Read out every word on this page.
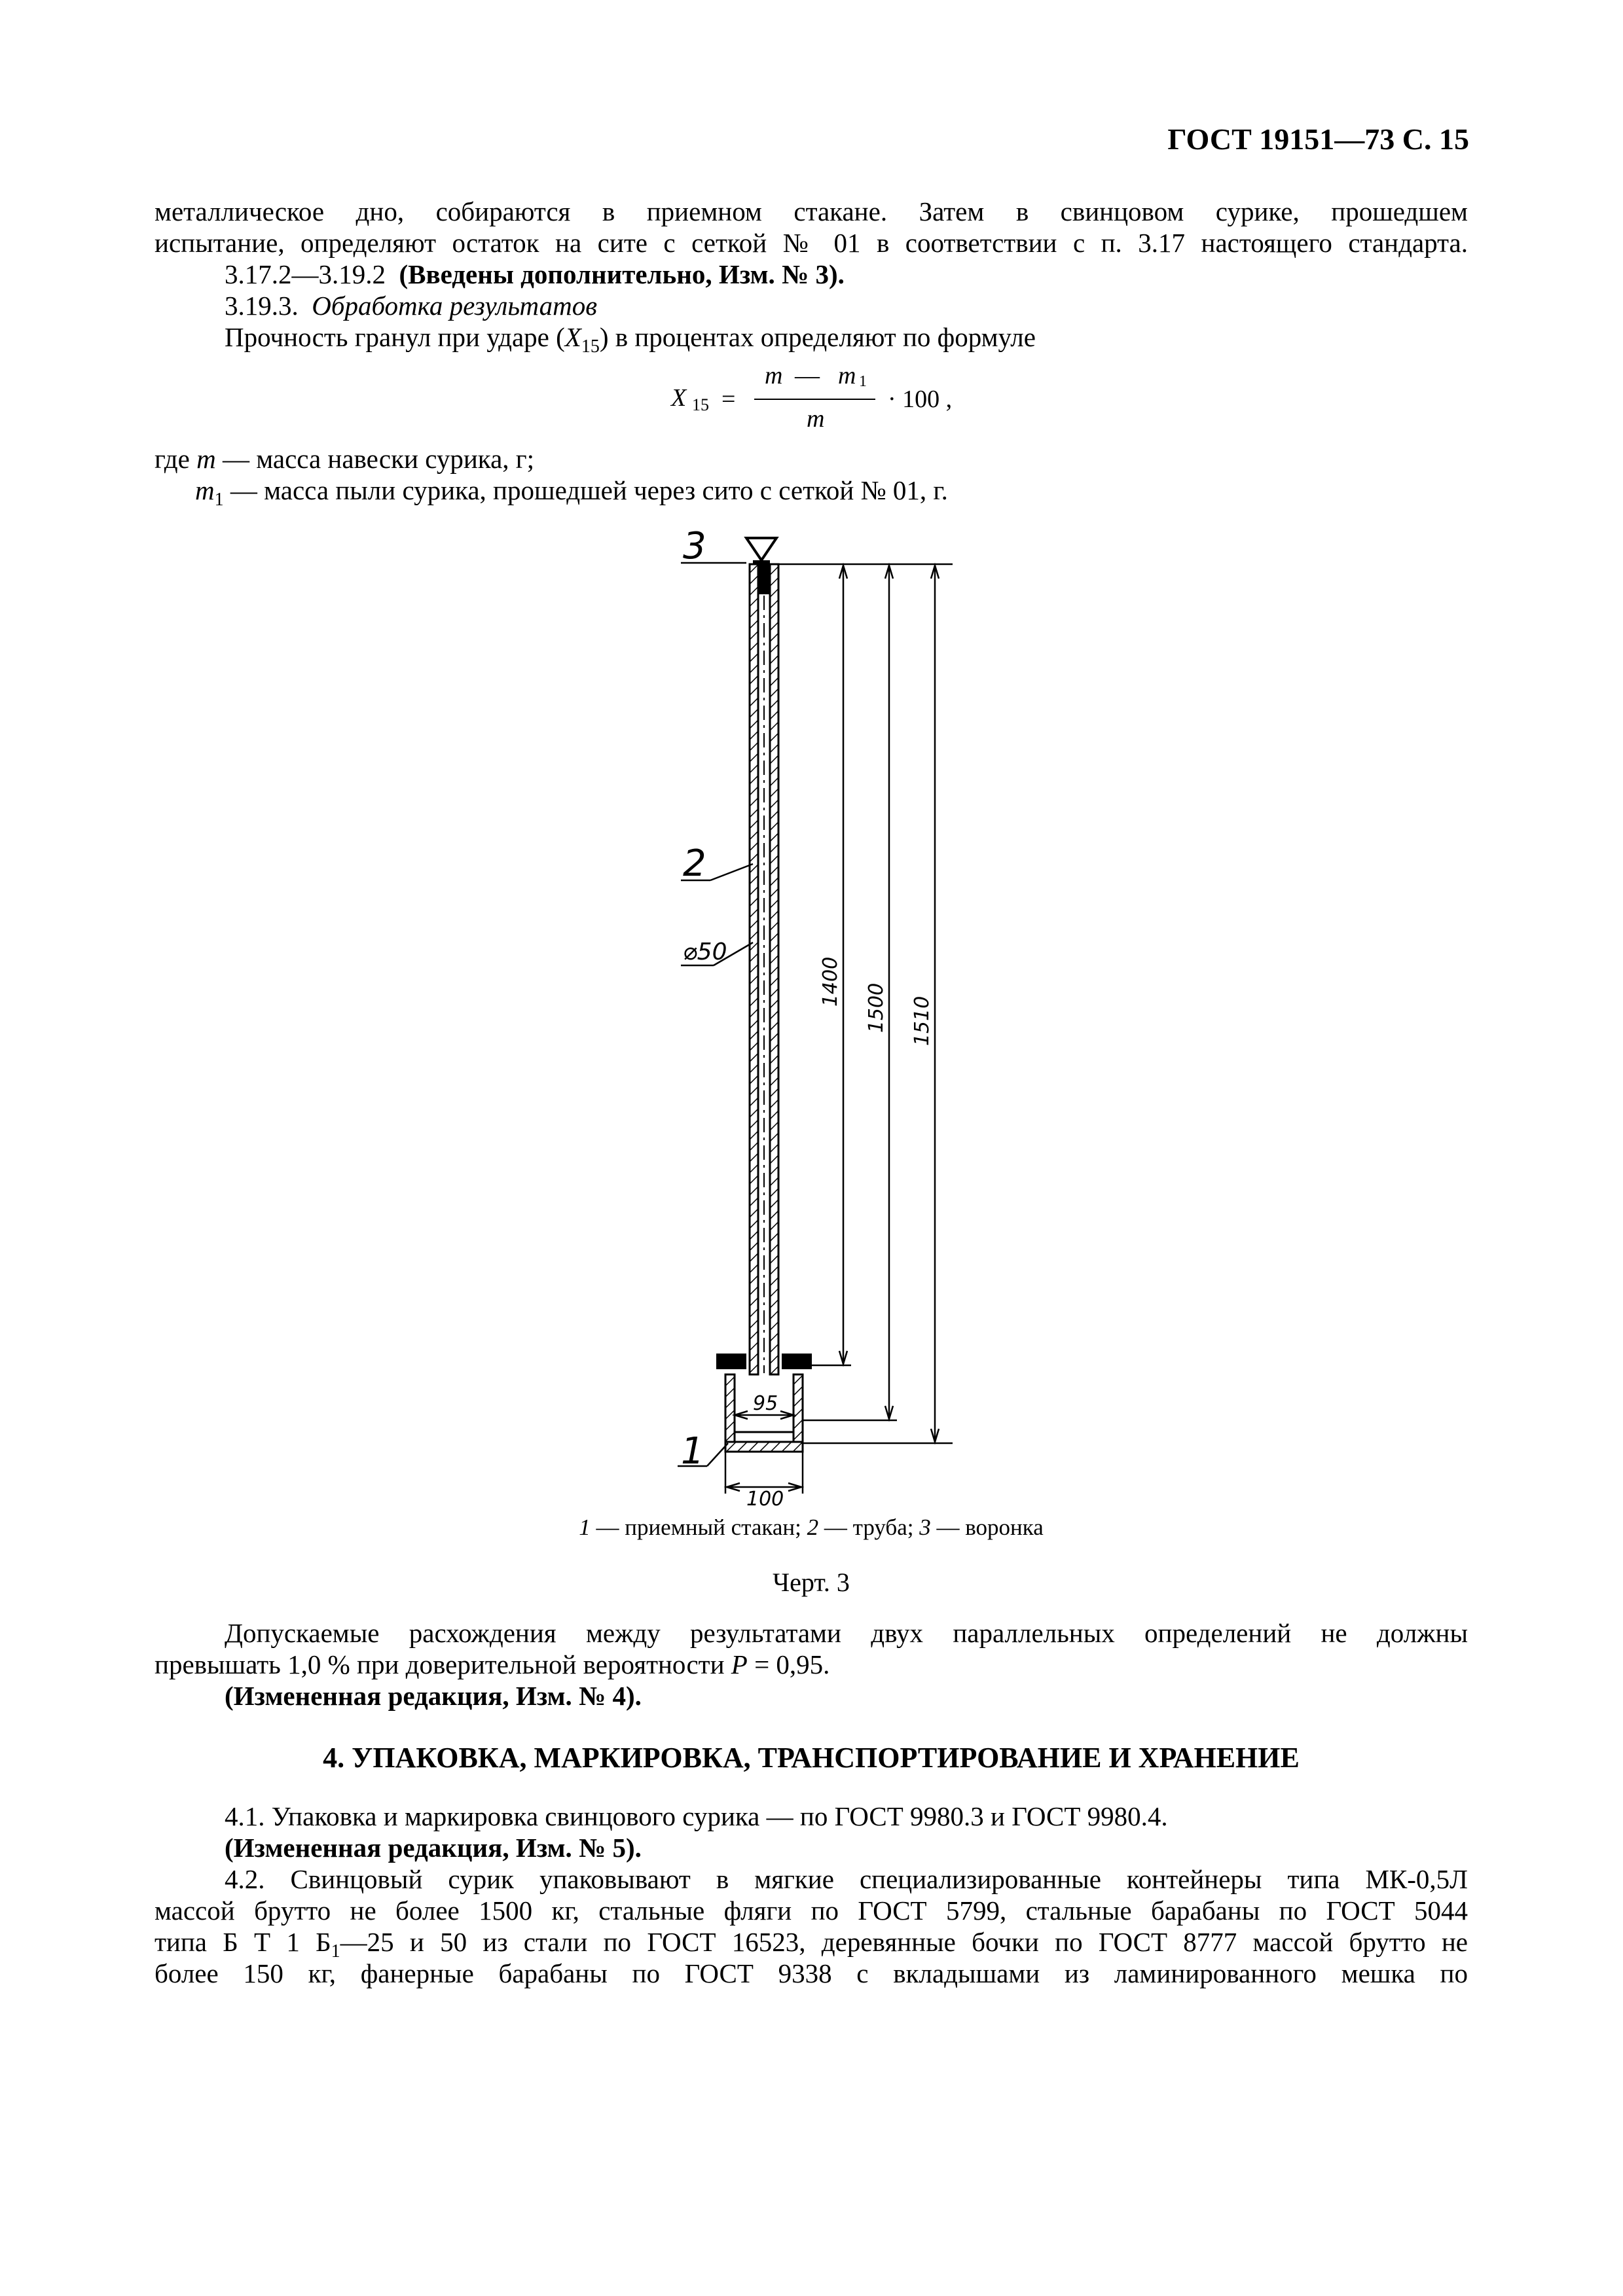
ГОСТ 19151—73 С. 15

металлическое дно, собираются в приемном стакане. Затем в свинцовом сурике, прошедшем

испытание, определяют остаток на сите с сеткой № 01 в соответствии с п. 3.17 настоящего стандарта.

3.17.2—3.19.2 (Введены дополнительно, Изм. № 3).

3.19.3. Обработка результатов

Прочность гранул при ударе $(X_{15})$ в процентах определяют по формуле

X 15 =
m — m 1
m
· 100 ,

где m — масса навески сурика, г;

$m_1$ — масса пыли сурика, прошедшей через сито с сеткой № 01, г.

3
2
⌀50
1
95
100
1400
1500 1510
1 — приемный стакан; 2 — труба; 3 — воронка
Черт. 3

Допускаемые расхождения между результатами двух параллельных определений не должны

превышать 1,0 % при доверительной вероятности P = 0,95.

(Измененная редакция, Изм. № 4).

4. УПАКОВКА, МАРКИРОВКА, ТРАНСПОРТИРОВАНИЕ И ХРАНЕНИЕ

4.1. Упаковка и маркировка свинцового сурика — по ГОСТ 9980.3 и ГОСТ 9980.4.

(Измененная редакция, Изм. № 5).

4.2. Свинцовый сурик упаковывают в мягкие специализированные контейнеры типа МК-0,5Л

массой брутто не более 1500 кг, стальные фляги по ГОСТ 5799, стальные барабаны по ГОСТ 5044

типа Б Т 1 $Б_1—25$ и 50 из стали по ГОСТ 16523, деревянные бочки по ГОСТ 8777 массой брутто не

более 150 кг, фанерные барабаны по ГОСТ 9338 с вкладышами из ламинированного мешка по
